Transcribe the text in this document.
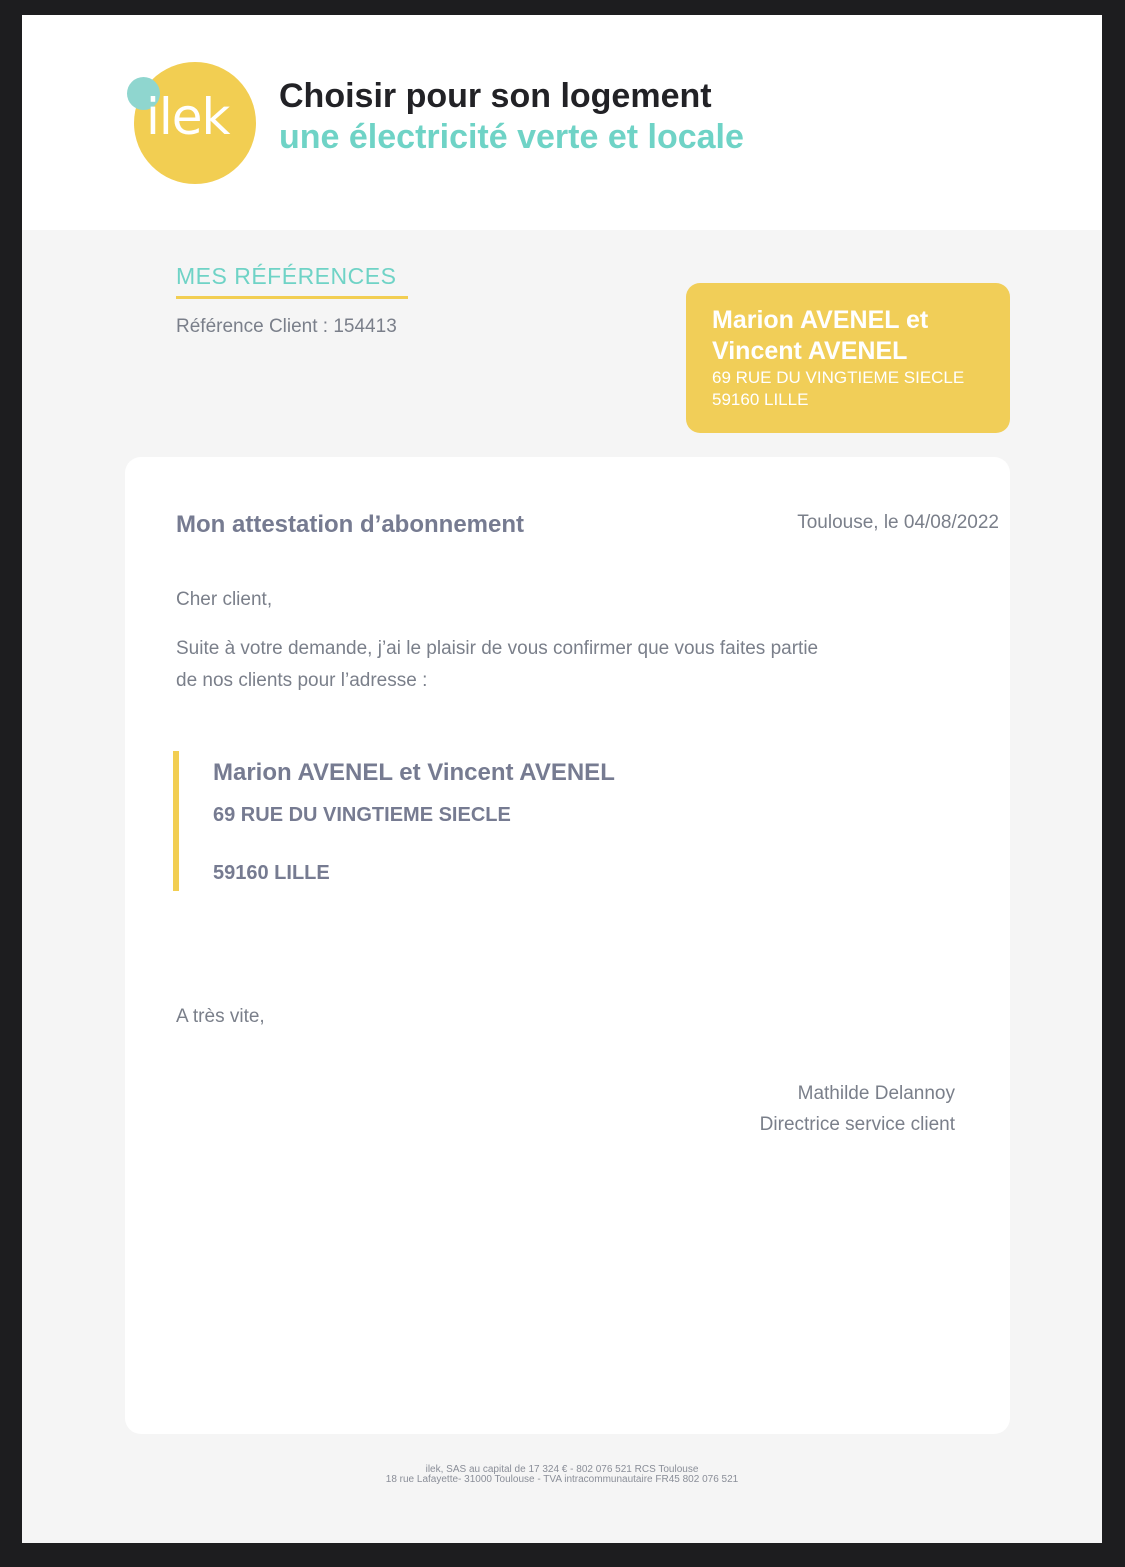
ilek Choisir pour son logement
une électricité verte et locale
MES RÉFÉRENCES
Référence Client : 154413	Marion AVENEL et
Vincent AVENEL
69 RUE DU VINGTIEME SIECLE
59160 LILLE
Mon attestation d’abonnement	Toulouse, le 04/08/2022
Cher client,
Suite à votre demande, j’ai le plaisir de vous confirmer que vous faites partie
de nos clients pour l’adresse :
Marion AVENEL et Vincent AVENEL
69 RUE DU VINGTIEME SIECLE
59160 LILLE
A très vite,
Mathilde Delannoy
Directrice service client
ilek, SAS au capital de 17 324 € - 802 076 521 RCS Toulouse
18 rue Lafayette- 31000 Toulouse - TVA intracommunautaire FR45 802 076 521
